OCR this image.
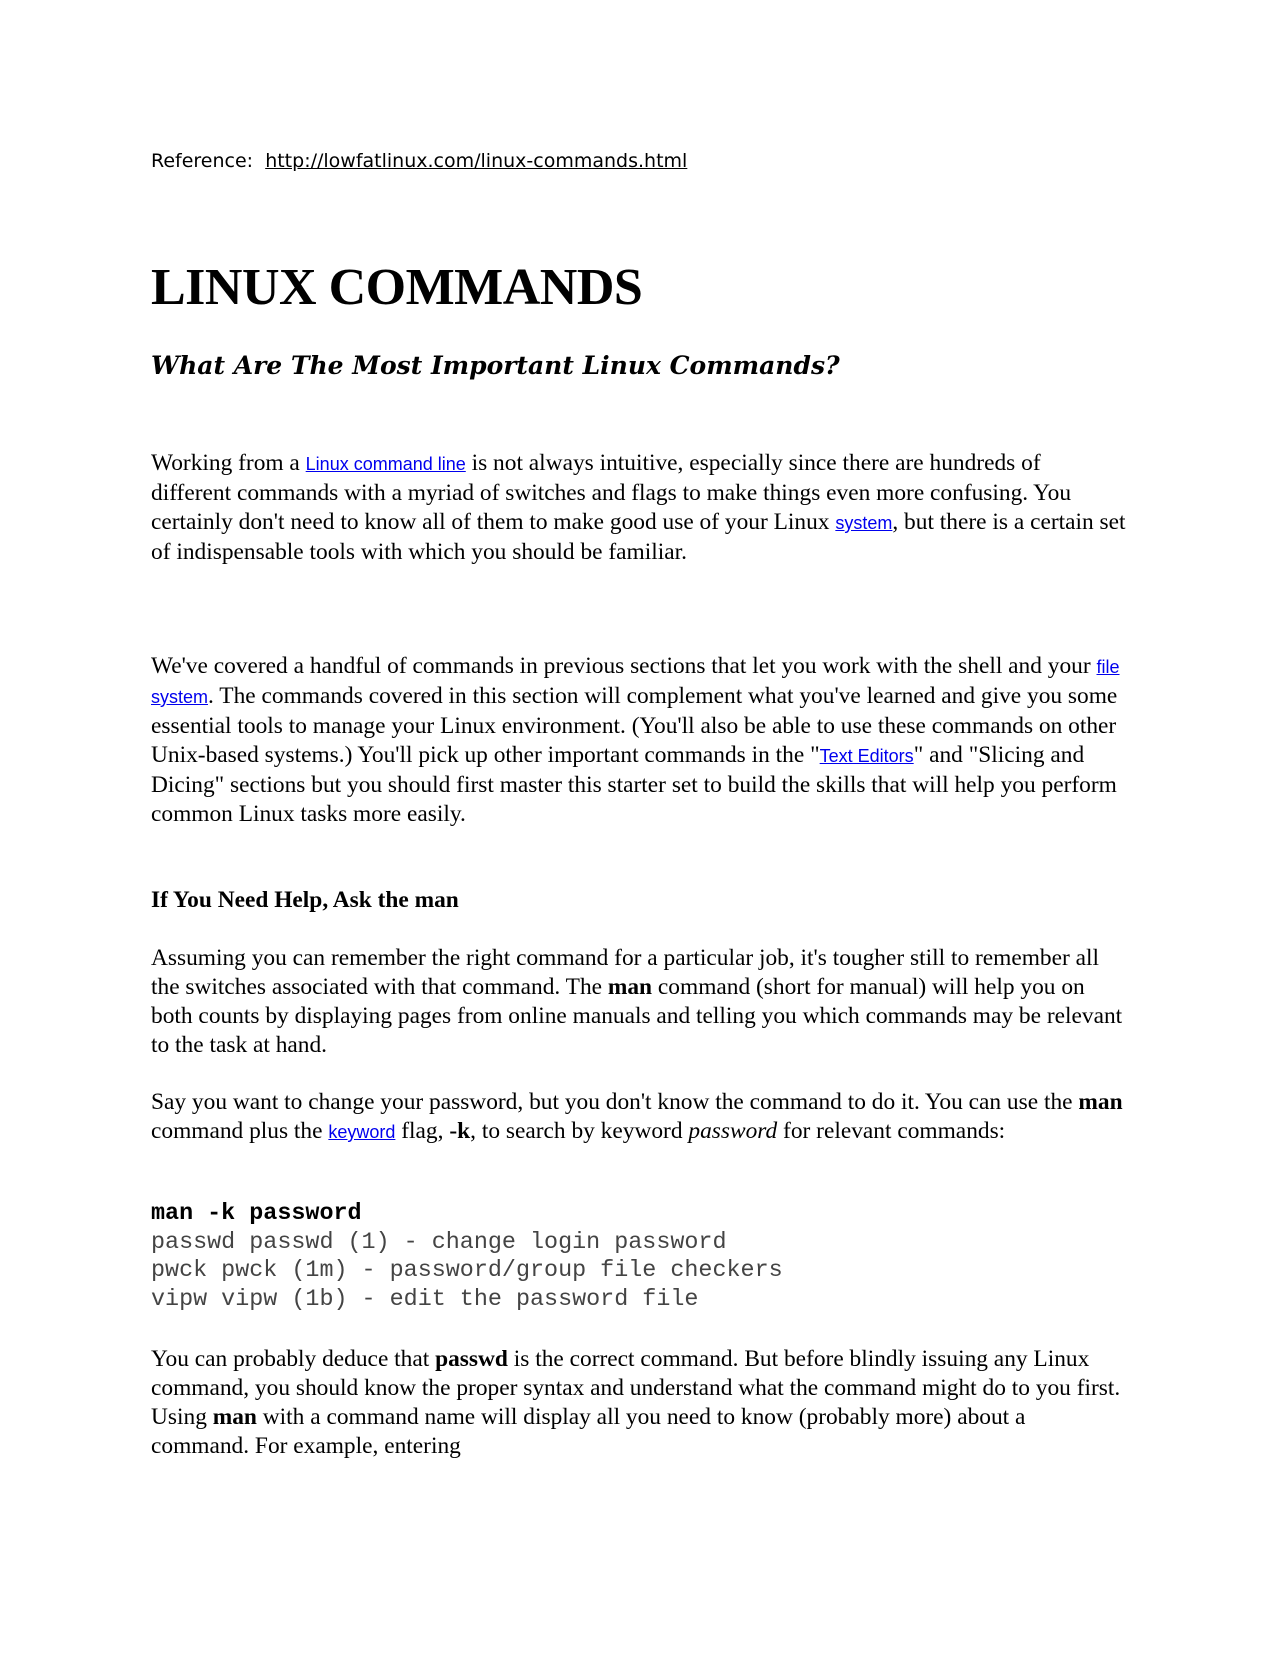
Reference: http://lowfatlinux.com/linux-commands.html
LINUX COMMANDS
What Are The Most Important Linux Commands?

Working from a Linux command line is not always intuitive, especially since there are hundreds of different commands with a myriad of switches and flags to make things even more confusing. You certainly don't need to know all of them to make good use of your Linux system, but there is a certain set of indispensable tools with which you should be familiar.

We've covered a handful of commands in previous sections that let you work with the shell and your file system. The commands covered in this section will complement what you've learned and give you some essential tools to manage your Linux environment. (You'll also be able to use these commands on other Unix-based systems.) You'll pick up other important commands in the "Text Editors" and "Slicing and Dicing" sections but you should first master this starter set to build the skills that will help you perform common Linux tasks more easily.

If You Need Help, Ask the man

Assuming you can remember the right command for a particular job, it's tougher still to remember all the switches associated with that command. The man command (short for manual) will help you on both counts by displaying pages from online manuals and telling you which commands may be relevant to the task at hand.

Say you want to change your password, but you don't know the command to do it. You can use the man command plus the keyword flag, -k, to search by keyword password for relevant commands:

man -k password
passwd passwd (1) - change login password
pwck pwck (1m) - password/group file checkers
vipw vipw (1b) - edit the password file

You can probably deduce that passwd is the correct command. But before blindly issuing any Linux command, you should know the proper syntax and understand what the command might do to you first. Using man with a command name will display all you need to know (probably more) about a command. For example, entering
